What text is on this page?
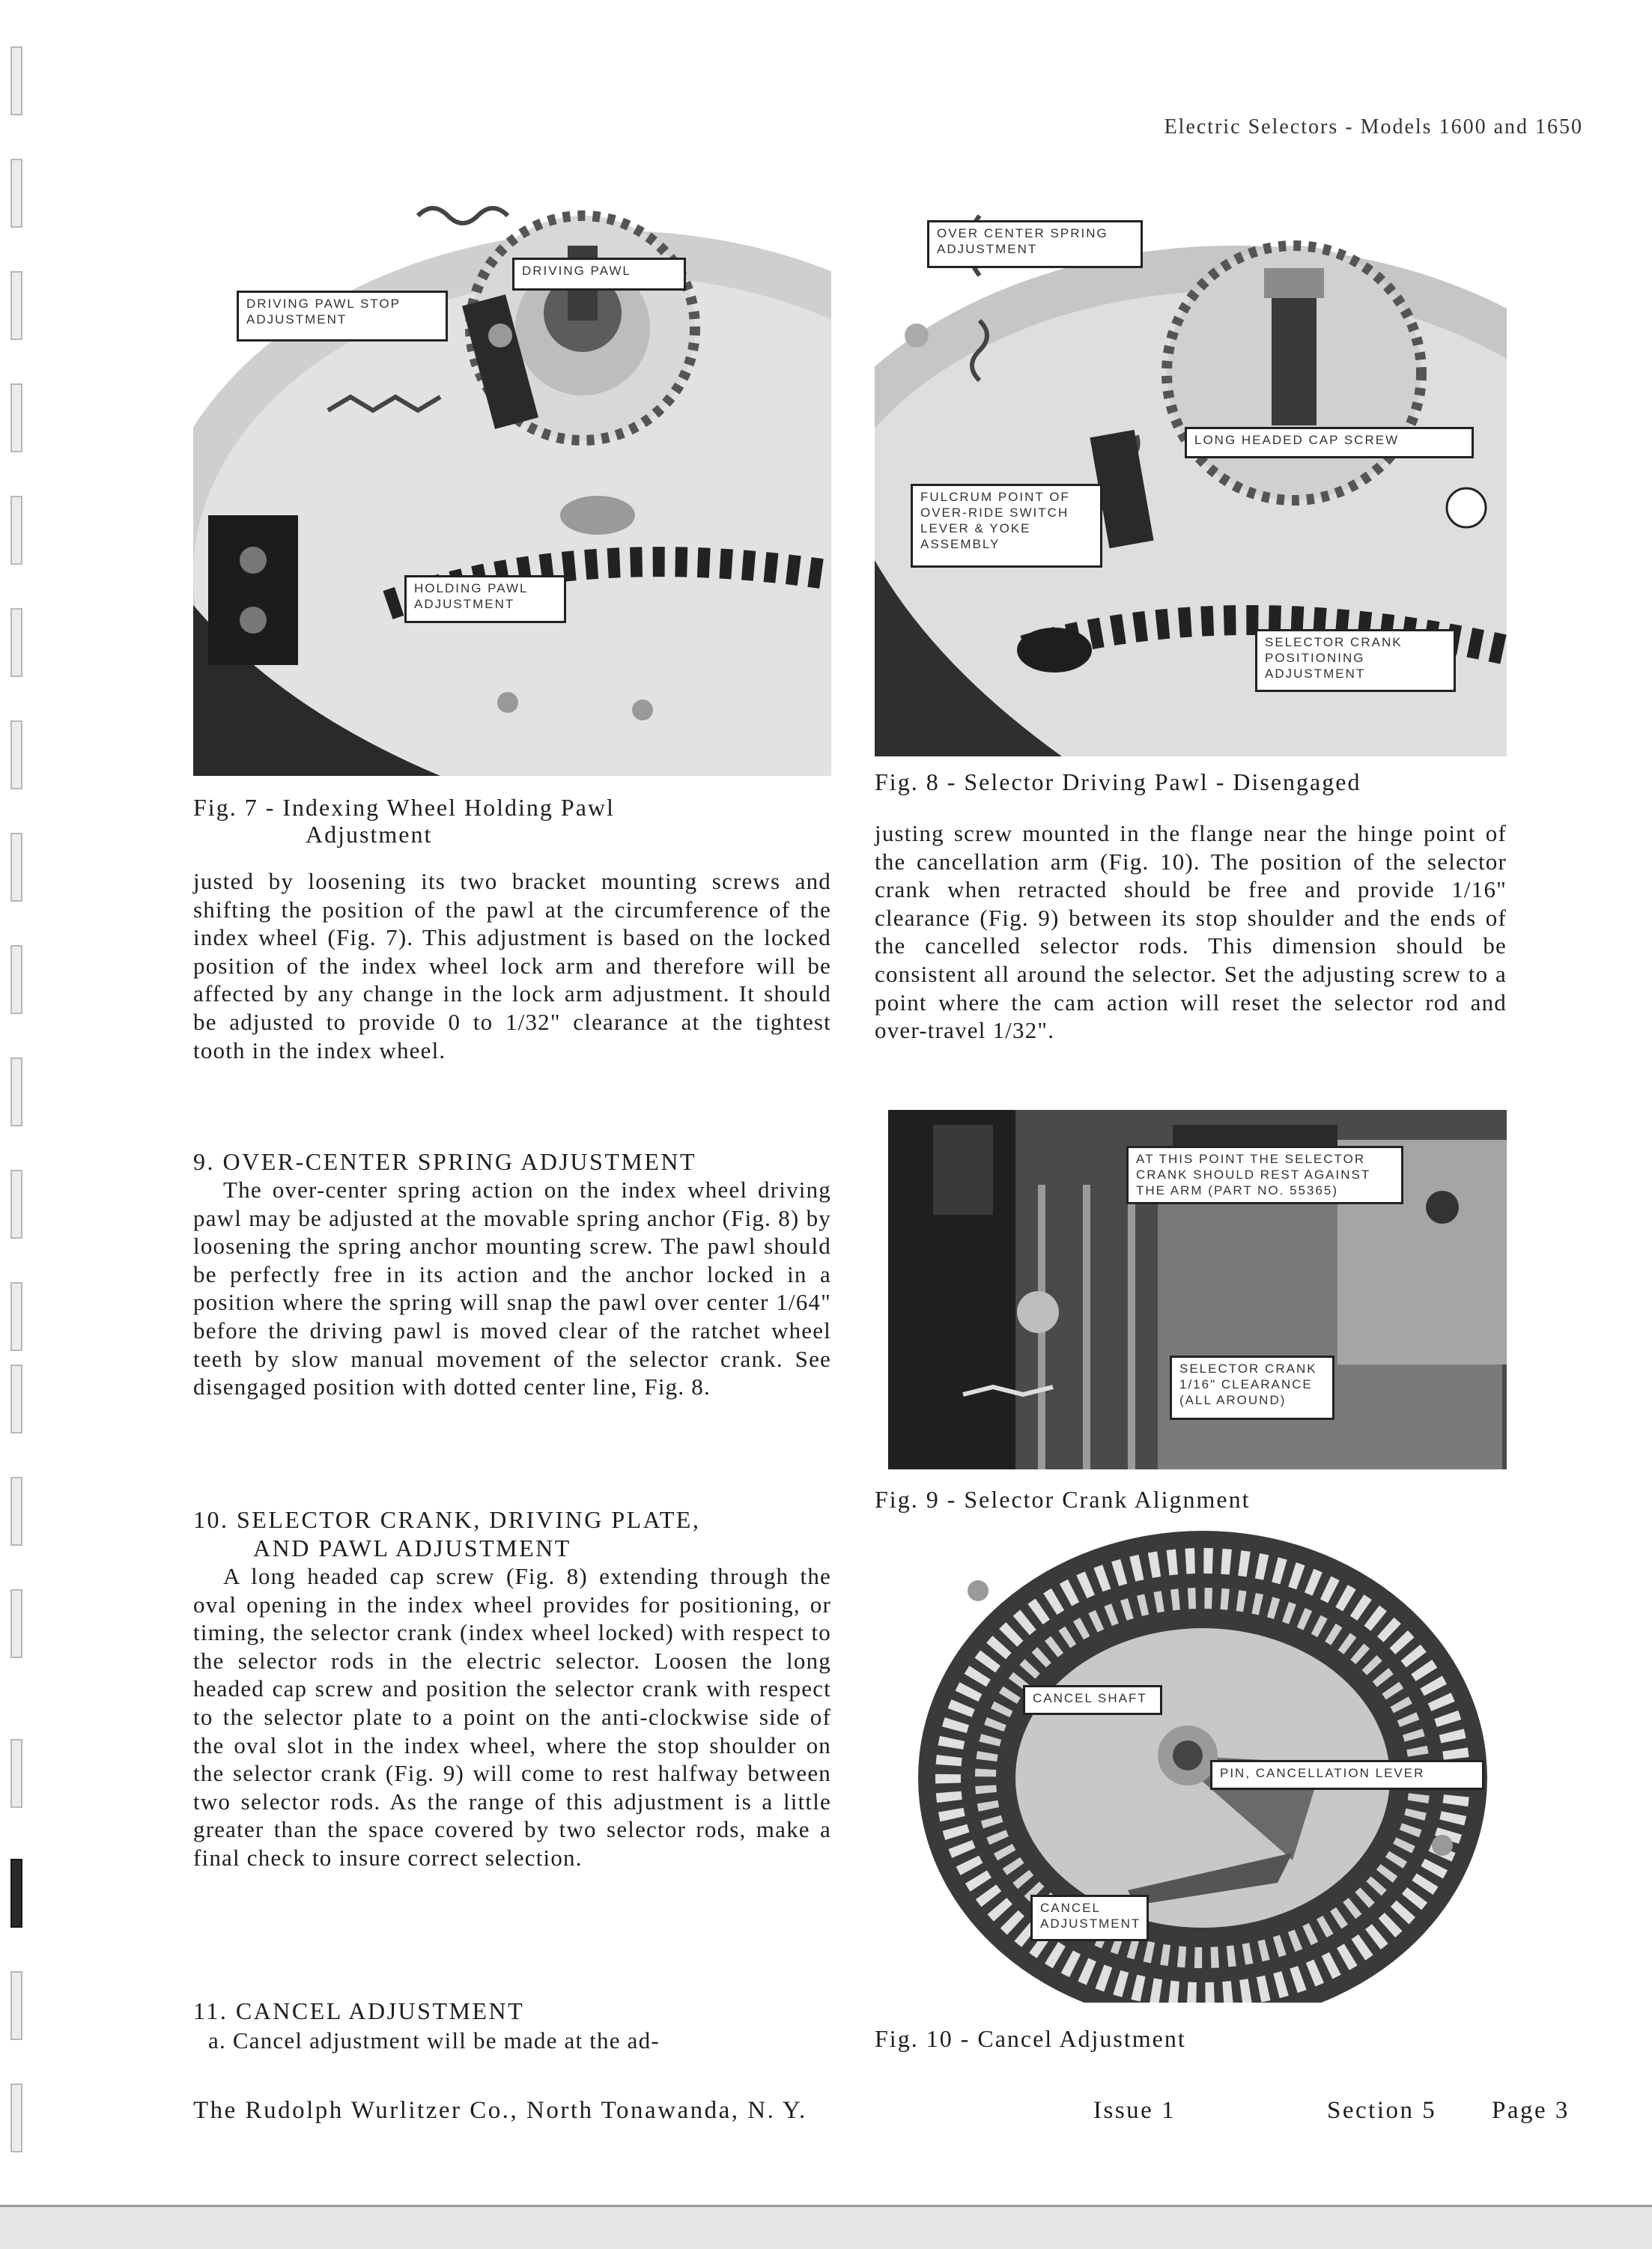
Electric Selectors - Models 1600 and 1650
DRIVING PAWL STOP
ADJUSTMENT
DRIVING PAWL
HOLDING PAWL
ADJUSTMENT
Fig. 7 - Indexing Wheel Holding Pawl
Adjustment

justed by loosening its two bracket mounting screws and shifting the position of the pawl at the circumference of the index wheel (Fig. 7). This adjustment is based on the locked position of the index wheel lock arm and therefore will be affected by any change in the lock arm adjustment. It should be adjusted to provide 0 to 1/32" clearance at the tightest tooth in the index wheel.

9. OVER-CENTER SPRING ADJUSTMENT

The over-center spring action on the index wheel driving pawl may be adjusted at the movable spring anchor (Fig. 8) by loosening the spring anchor mounting screw. The pawl should be perfectly free in its action and the anchor locked in a position where the spring will snap the pawl over center 1/64" before the driving pawl is moved clear of the ratchet wheel teeth by slow manual movement of the selector crank. See disengaged position with dotted center line, Fig. 8.

10. SELECTOR CRANK, DRIVING PLATE,
AND PAWL ADJUSTMENT

A long headed cap screw (Fig. 8) extending through the oval opening in the index wheel provides for positioning, or timing, the selector crank (index wheel locked) with respect to the selector rods in the electric selector. Loosen the long headed cap screw and position the selector crank with respect to the selector plate to a point on the anti-clockwise side of the oval slot in the index wheel, where the stop shoulder on the selector crank (Fig. 9) will come to rest halfway between two selector rods. As the range of this adjustment is a little greater than the space covered by two selector rods, make a final check to insure correct selection.

11. CANCEL ADJUSTMENT

a. Cancel adjustment will be made at the ad-

OVER CENTER SPRING
ADJUSTMENT
LONG HEADED CAP SCREW
FULCRUM POINT OF
OVER-RIDE SWITCH
LEVER & YOKE
ASSEMBLY
SELECTOR CRANK
POSITIONING
ADJUSTMENT
Fig. 8 - Selector Driving Pawl - Disengaged

justing screw mounted in the flange near the hinge point of the cancellation arm (Fig. 10). The position of the selector crank when retracted should be free and provide 1/16" clearance (Fig. 9) between its stop shoulder and the ends of the cancelled selector rods. This dimension should be consistent all around the selector. Set the adjusting screw to a point where the cam action will reset the selector rod and over-travel 1/32".

AT THIS POINT THE SELECTOR
CRANK SHOULD REST AGAINST
THE ARM (PART NO. 55365)
SELECTOR CRANK
1/16" CLEARANCE
(ALL AROUND)
Fig. 9 - Selector Crank Alignment
CANCEL SHAFT
PIN, CANCELLATION LEVER
CANCEL
ADJUSTMENT
Fig. 10 - Cancel Adjustment
The Rudolph Wurlitzer Co., North Tonawanda, N. Y.	Issue 1	Section 5 Page 3
